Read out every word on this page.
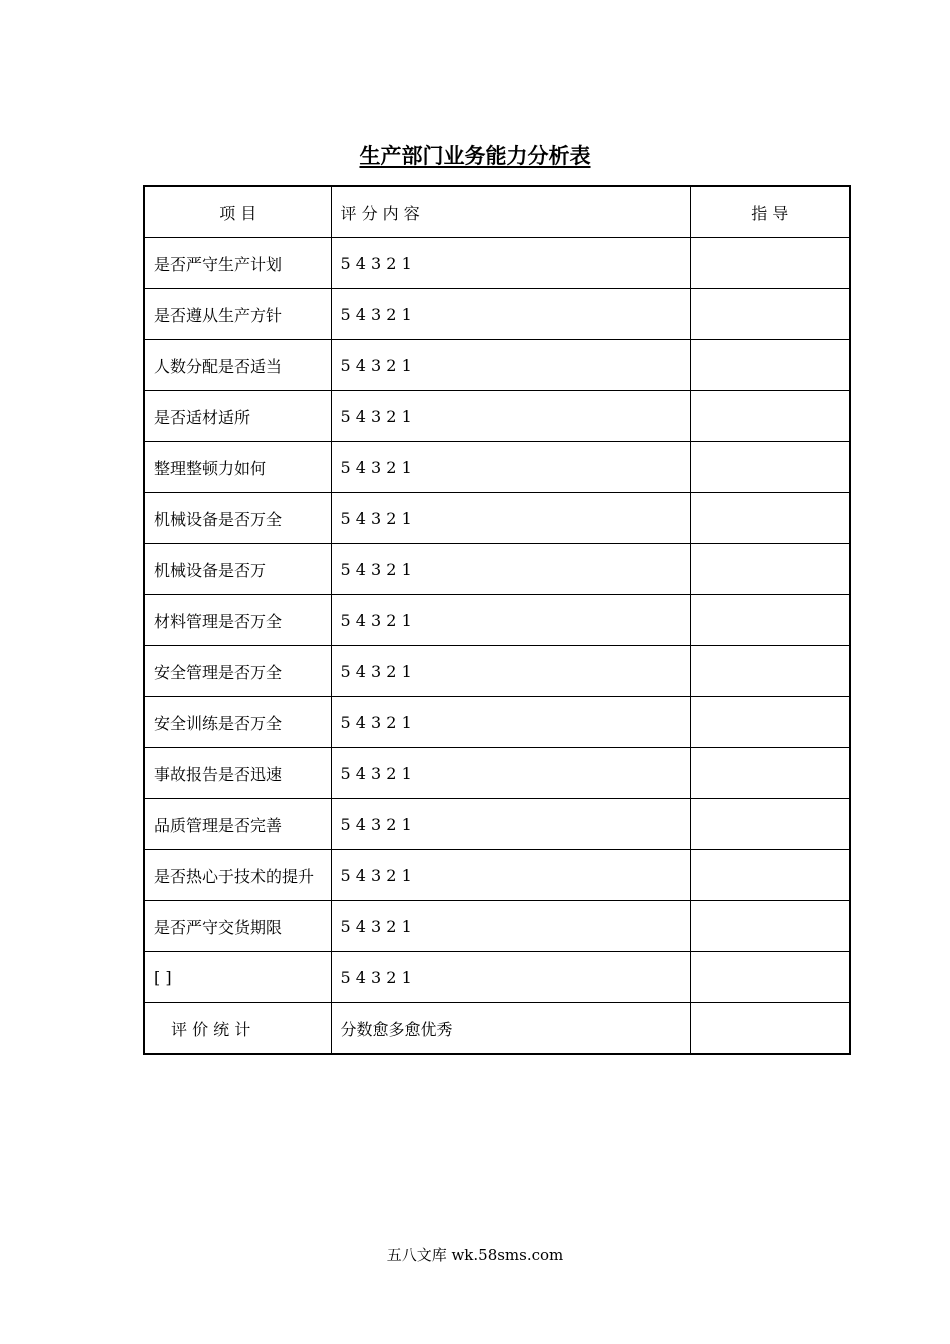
生产部门业务能力分析表
项 目	评 分 内 容	指 导
是否严守生产计划	5 4 3 2 1	
是否遵从生产方针	5 4 3 2 1	
人数分配是否适当	5 4 3 2 1	
是否适材适所	5 4 3 2 1	
整理整顿力如何	5 4 3 2 1	
机械设备是否万全	5 4 3 2 1	
机械设备是否万	5 4 3 2 1	
材料管理是否万全	5 4 3 2 1	
安全管理是否万全	5 4 3 2 1	
安全训练是否万全	5 4 3 2 1	
事故报告是否迅速	5 4 3 2 1	
品质管理是否完善	5 4 3 2 1	
是否热心于技术的提升	5 4 3 2 1	
是否严守交货期限	5 4 3 2 1	
[ ]	5 4 3 2 1	
评 价 统 计	分数愈多愈优秀	
五八文库 wk.58sms.com
